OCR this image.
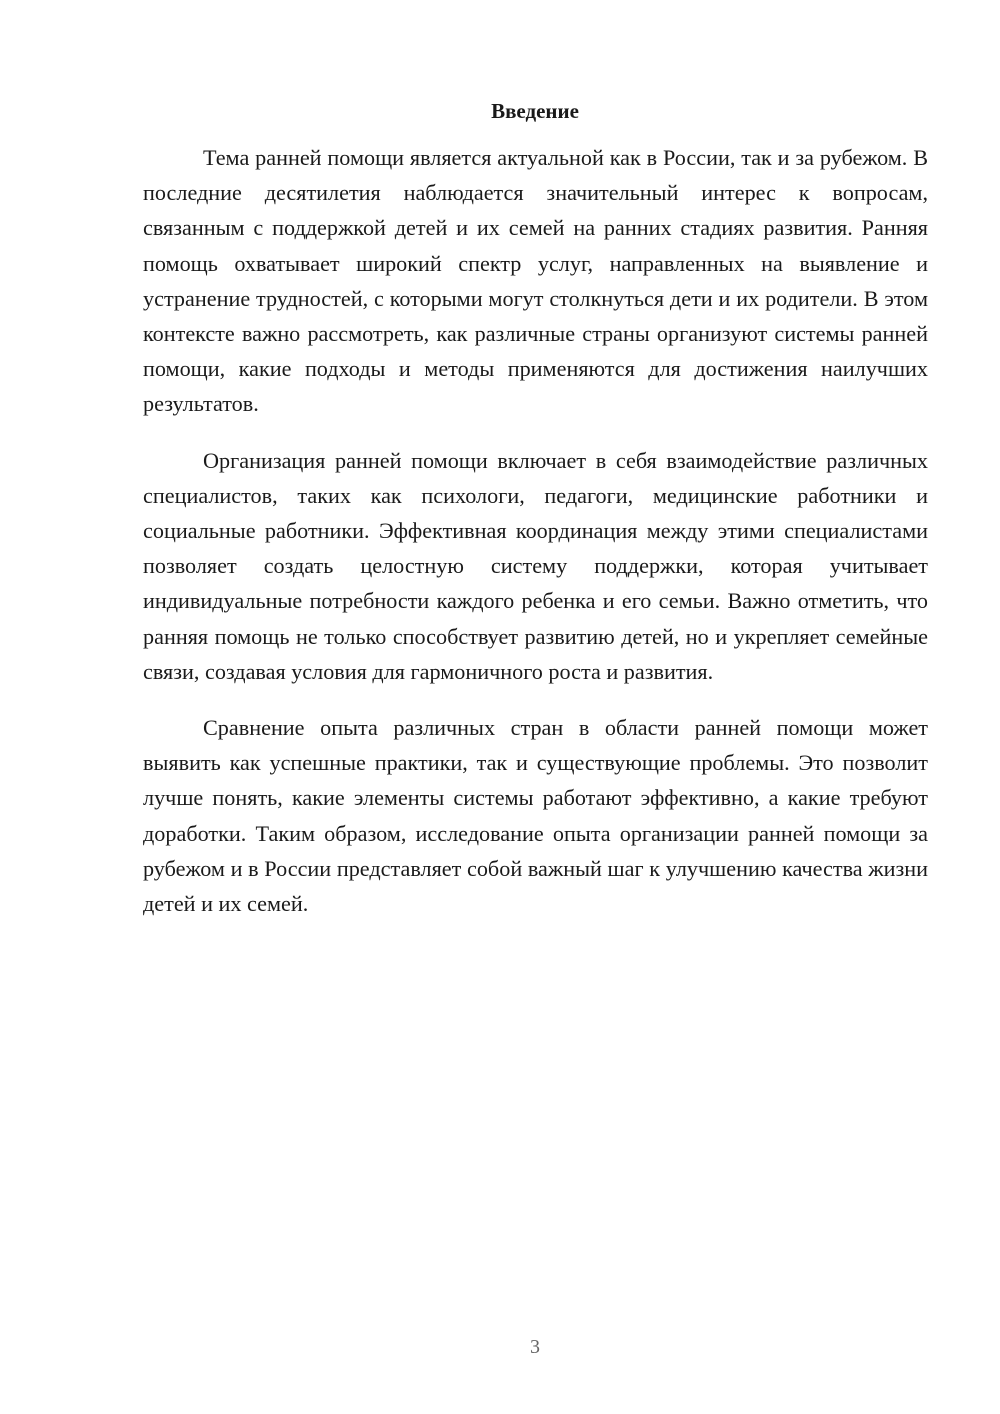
Введение

Тема ранней помощи является актуальной как в России, так и за рубежом. В последние десятилетия наблюдается значительный интерес к вопросам, связанным с поддержкой детей и их семей на ранних стадиях развития. Ранняя помощь охватывает широкий спектр услуг, направленных на выявление и устранение трудностей, с которыми могут столкнуться дети и их родители. В этом контексте важно рассмотреть, как различные страны организуют системы ранней помощи, какие подходы и методы применяются для достижения наилучших результатов.

Организация ранней помощи включает в себя взаимодействие различных специалистов, таких как психологи, педагоги, медицинские работники и социальные работники. Эффективная координация между этими специалистами позволяет создать целостную систему поддержки, которая учитывает индивидуальные потребности каждого ребенка и его семьи. Важно отметить, что ранняя помощь не только способствует развитию детей, но и укрепляет семейные связи, создавая условия для гармоничного роста и развития.

Сравнение опыта различных стран в области ранней помощи может выявить как успешные практики, так и существующие проблемы. Это позволит лучше понять, какие элементы системы работают эффективно, а какие требуют доработки. Таким образом, исследование опыта организации ранней помощи за рубежом и в России представляет собой важный шаг к улучшению качества жизни детей и их семей.

3
